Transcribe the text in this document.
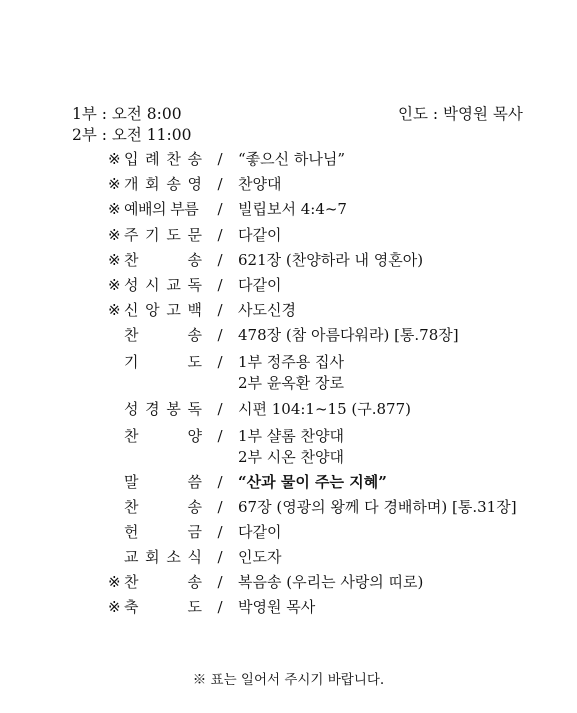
1부 : 오전 8:00
2부 : 오전 11:00
인도 : 박영원 목사
※ 입 례 찬 송 / “좋으신 하나님”
※ 개 회 송 영 / 찬양대
※ 예배의 부름 / 빌립보서 4:4~7
※ 주 기 도 문 / 다같이
※ 찬	송 / 621장 (찬양하라 내 영혼아)
※ 성 시 교 독 / 다같이
※ 신 앙 고 백 / 사도신경
찬	송 / 478장 (참 아름다워라) [통.78장]
기	도 / 1부 정주용 집사
2부 윤옥환 장로
성 경 봉 독 / 시편 104:1~15 (구.877)
찬	양 / 1부 샬롬 찬양대
2부 시온 찬양대
말	씀 / “산과 물이 주는 지혜”
찬	송 / 67장 (영광의 왕께 다 경배하며) [통.31장]
헌	금 / 다같이
교 회 소 식 / 인도자
※ 찬	송 / 복음송 (우리는 사랑의 띠로)
※ 축	도 / 박영원 목사
※ 표는 일어서 주시기 바랍니다.
